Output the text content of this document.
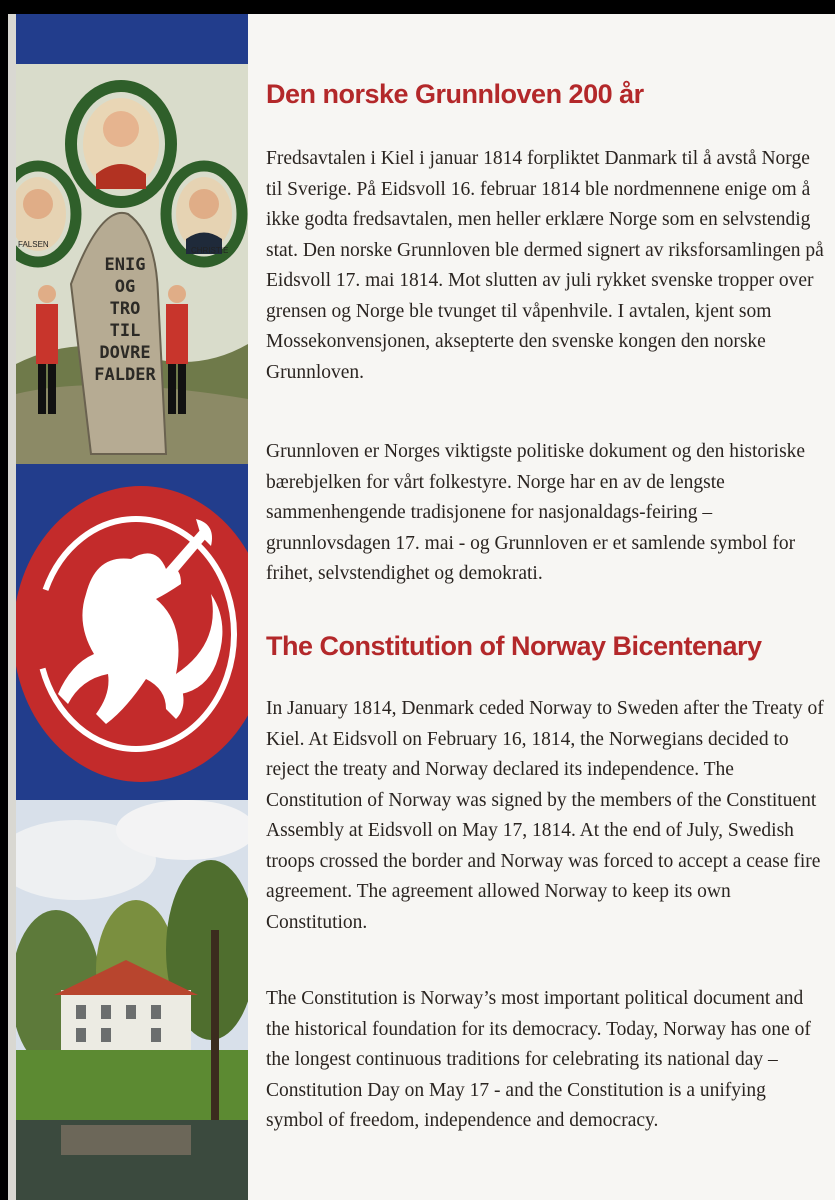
ENIG
OG
TRO
TIL
DOVRE
FALDER
FALSEN
CHRISTIE
Den norske Grunnloven 200 år

Fredsavtalen i Kiel i januar 1814 forpliktet Danmark til å avstå Norge til Sverige. På Eidsvoll 16. februar 1814 ble nordmennene enige om å ikke godta fredsavtalen, men heller erklære Norge som en selvstendig stat. Den norske Grunnloven ble dermed signert av riksforsamlingen på Eidsvoll 17. mai 1814. Mot slutten av juli rykket svenske tropper over grensen og Norge ble tvunget til våpenhvile. I avtalen, kjent som Mossekonvensjonen, aksepterte den svenske kongen den norske Grunnloven.

Grunnloven er Norges viktigste politiske dokument og den historiske bærebjelken for vårt folkestyre. Norge har en av de lengste sammenhengende tradisjonene for nasjonaldags-feiring – grunnlovsdagen 17. mai - og Grunnloven er et samlende symbol for frihet, selvstendighet og demokrati.

The Constitution of Norway Bicentenary

In January 1814, Denmark ceded Norway to Sweden after the Treaty of Kiel. At Eidsvoll on February 16, 1814, the Norwegians decided to reject the treaty and Norway declared its independence. The Constitution of Norway was signed by the members of the Constituent Assembly at Eidsvoll on May 17, 1814. At the end of July, Swedish troops crossed the border and Norway was forced to accept a cease fire agreement. The agreement allowed Norway to keep its own Constitution.

The Constitution is Norway’s most important political document and the historical foundation for its democracy. Today, Norway has one of the longest continuous traditions for celebrating its national day – Constitution Day on May 17 - and the Constitution is a unifying symbol of freedom, independence and democracy.
